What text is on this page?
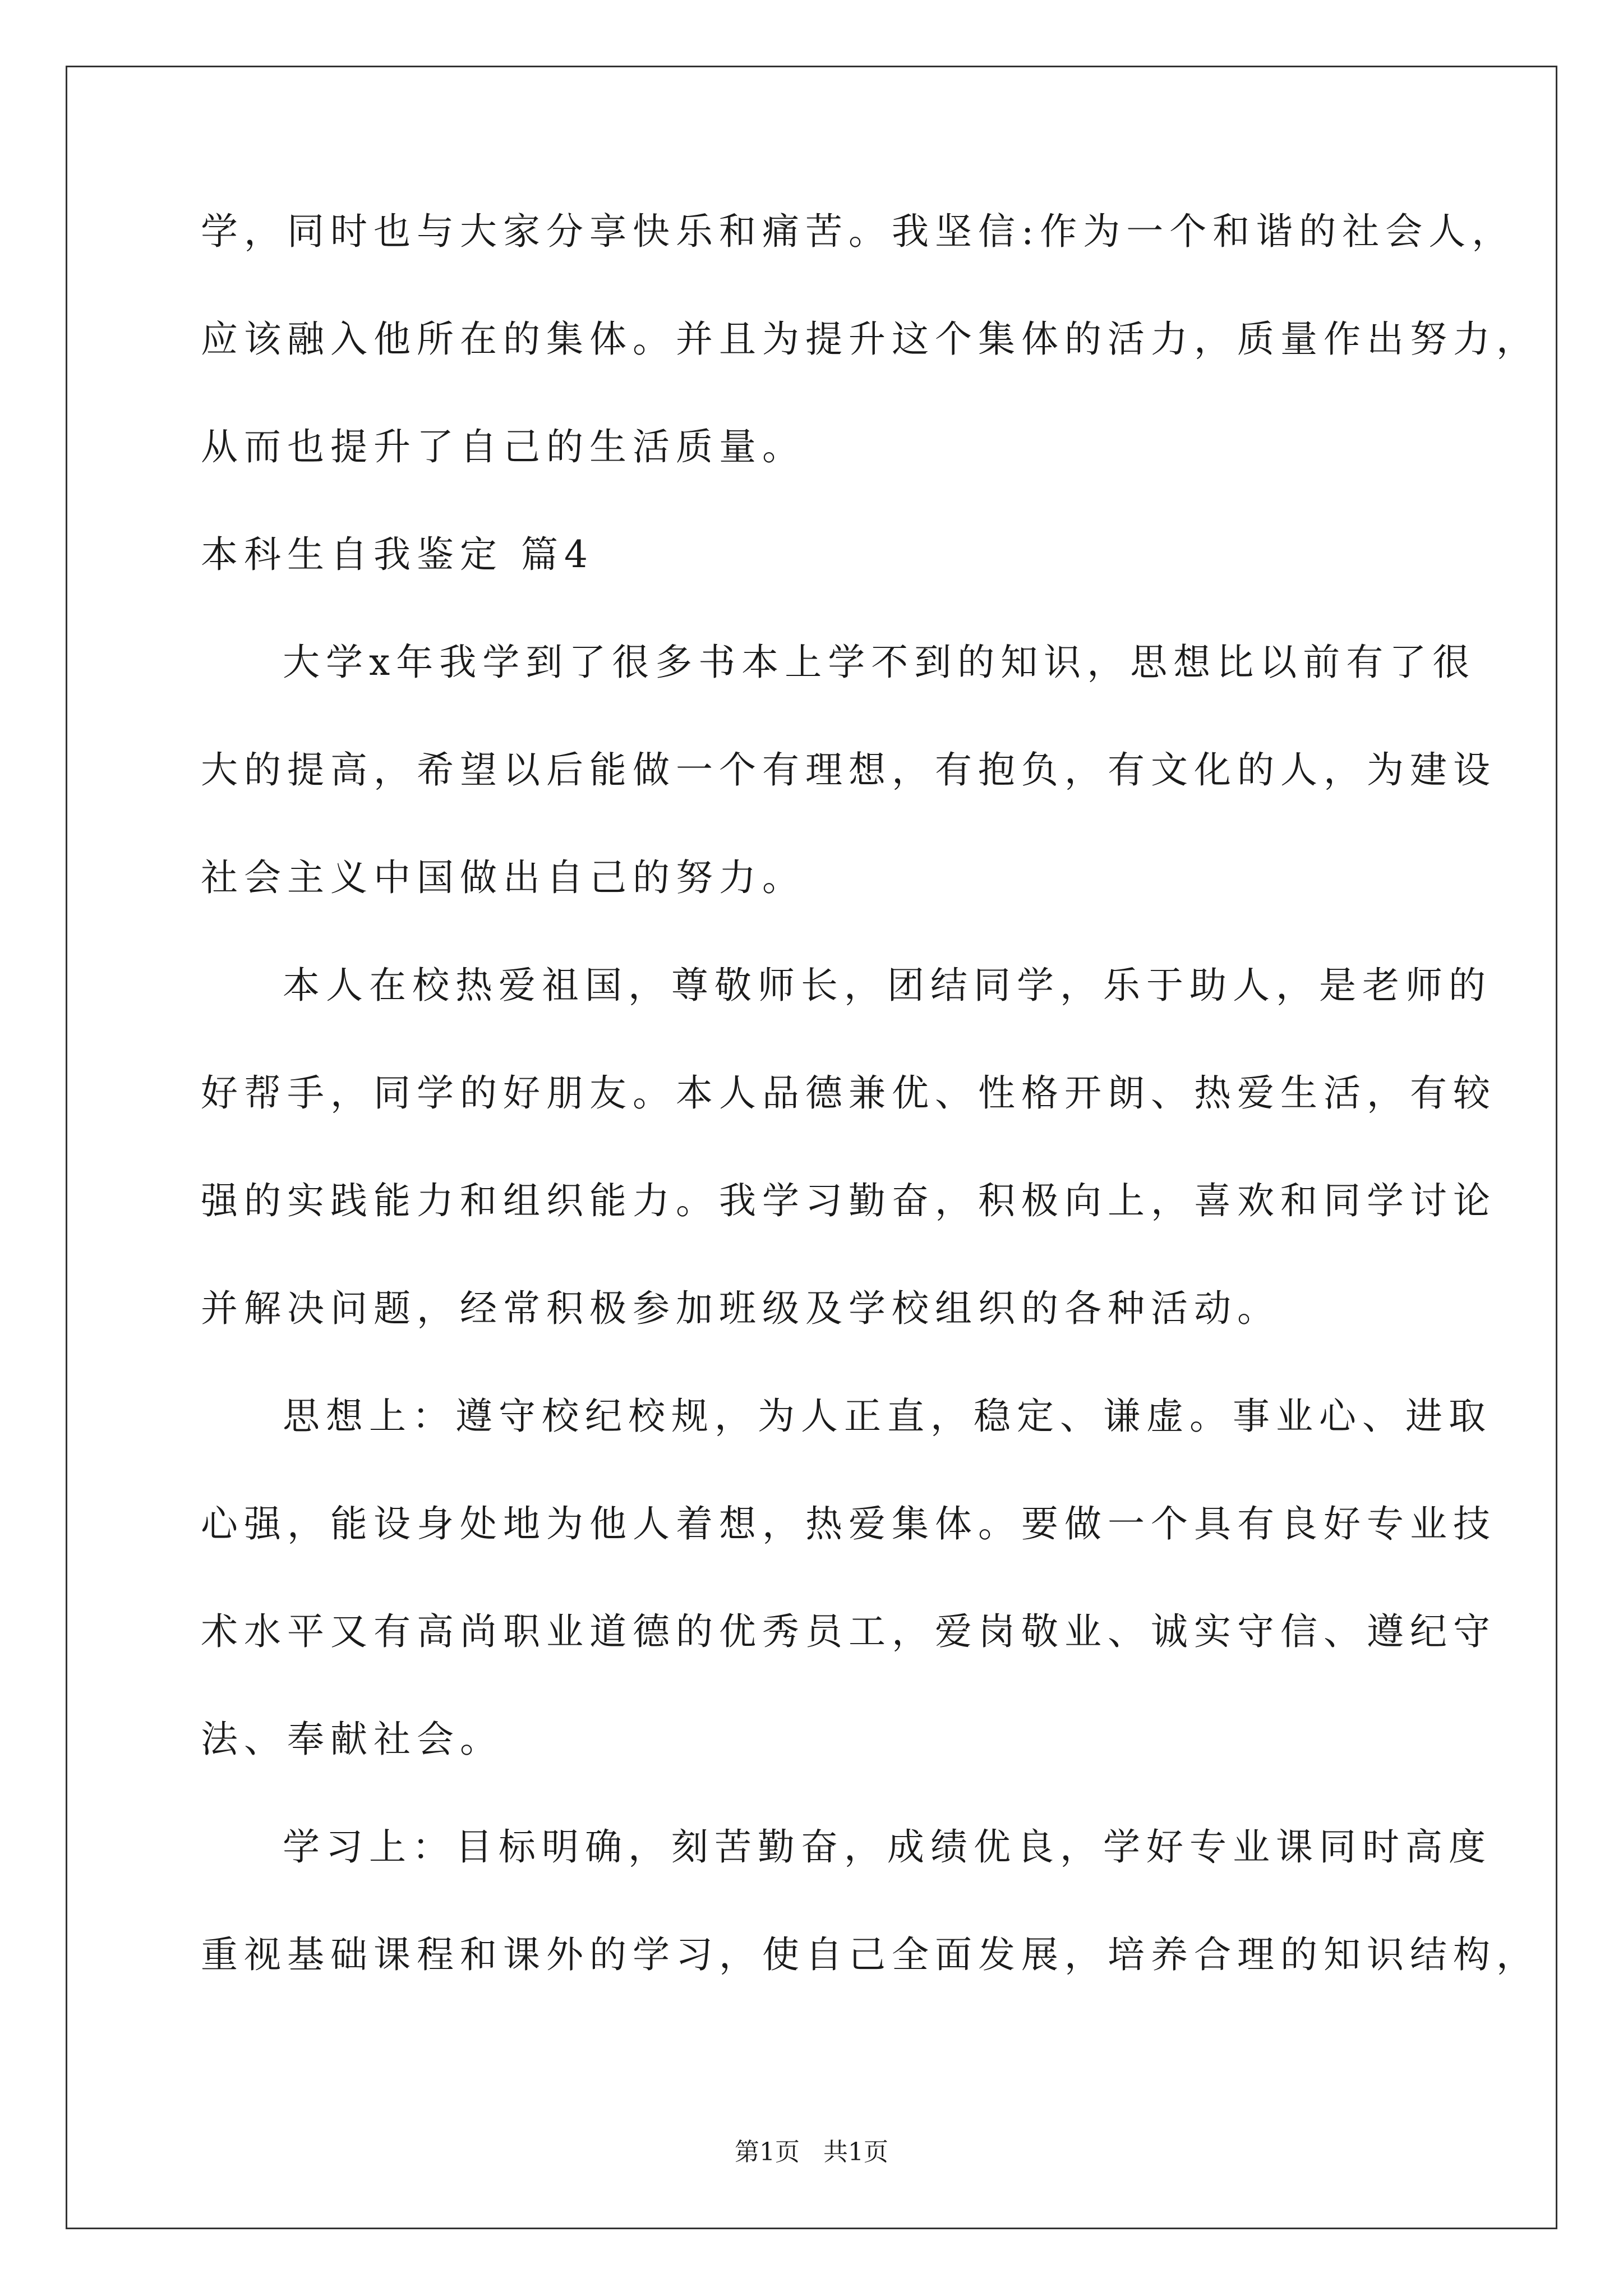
学，同时也与大家分享快乐和痛苦。我坚信:作为一个和谐的社会人，
应该融入他所在的集体。并且为提升这个集体的活力，质量作出努力，
从而也提升了自己的生活质量。
本科生自我鉴定 篇4
大学x年我学到了很多书本上学不到的知识，思想比以前有了很
大的提高，希望以后能做一个有理想，有抱负，有文化的人，为建设
社会主义中国做出自己的努力。
本人在校热爱祖国，尊敬师长，团结同学，乐于助人，是老师的
好帮手，同学的好朋友。本人品德兼优、性格开朗、热爱生活，有较
强的实践能力和组织能力。我学习勤奋，积极向上，喜欢和同学讨论
并解决问题，经常积极参加班级及学校组织的各种活动。
思想上：遵守校纪校规，为人正直，稳定、谦虚。事业心、进取
心强，能设身处地为他人着想，热爱集体。要做一个具有良好专业技
术水平又有高尚职业道德的优秀员工，爱岗敬业、诚实守信、遵纪守
法、奉献社会。
学习上：目标明确，刻苦勤奋，成绩优良，学好专业课同时高度
重视基础课程和课外的学习，使自己全面发展，培养合理的知识结构，
第1页 共1页
